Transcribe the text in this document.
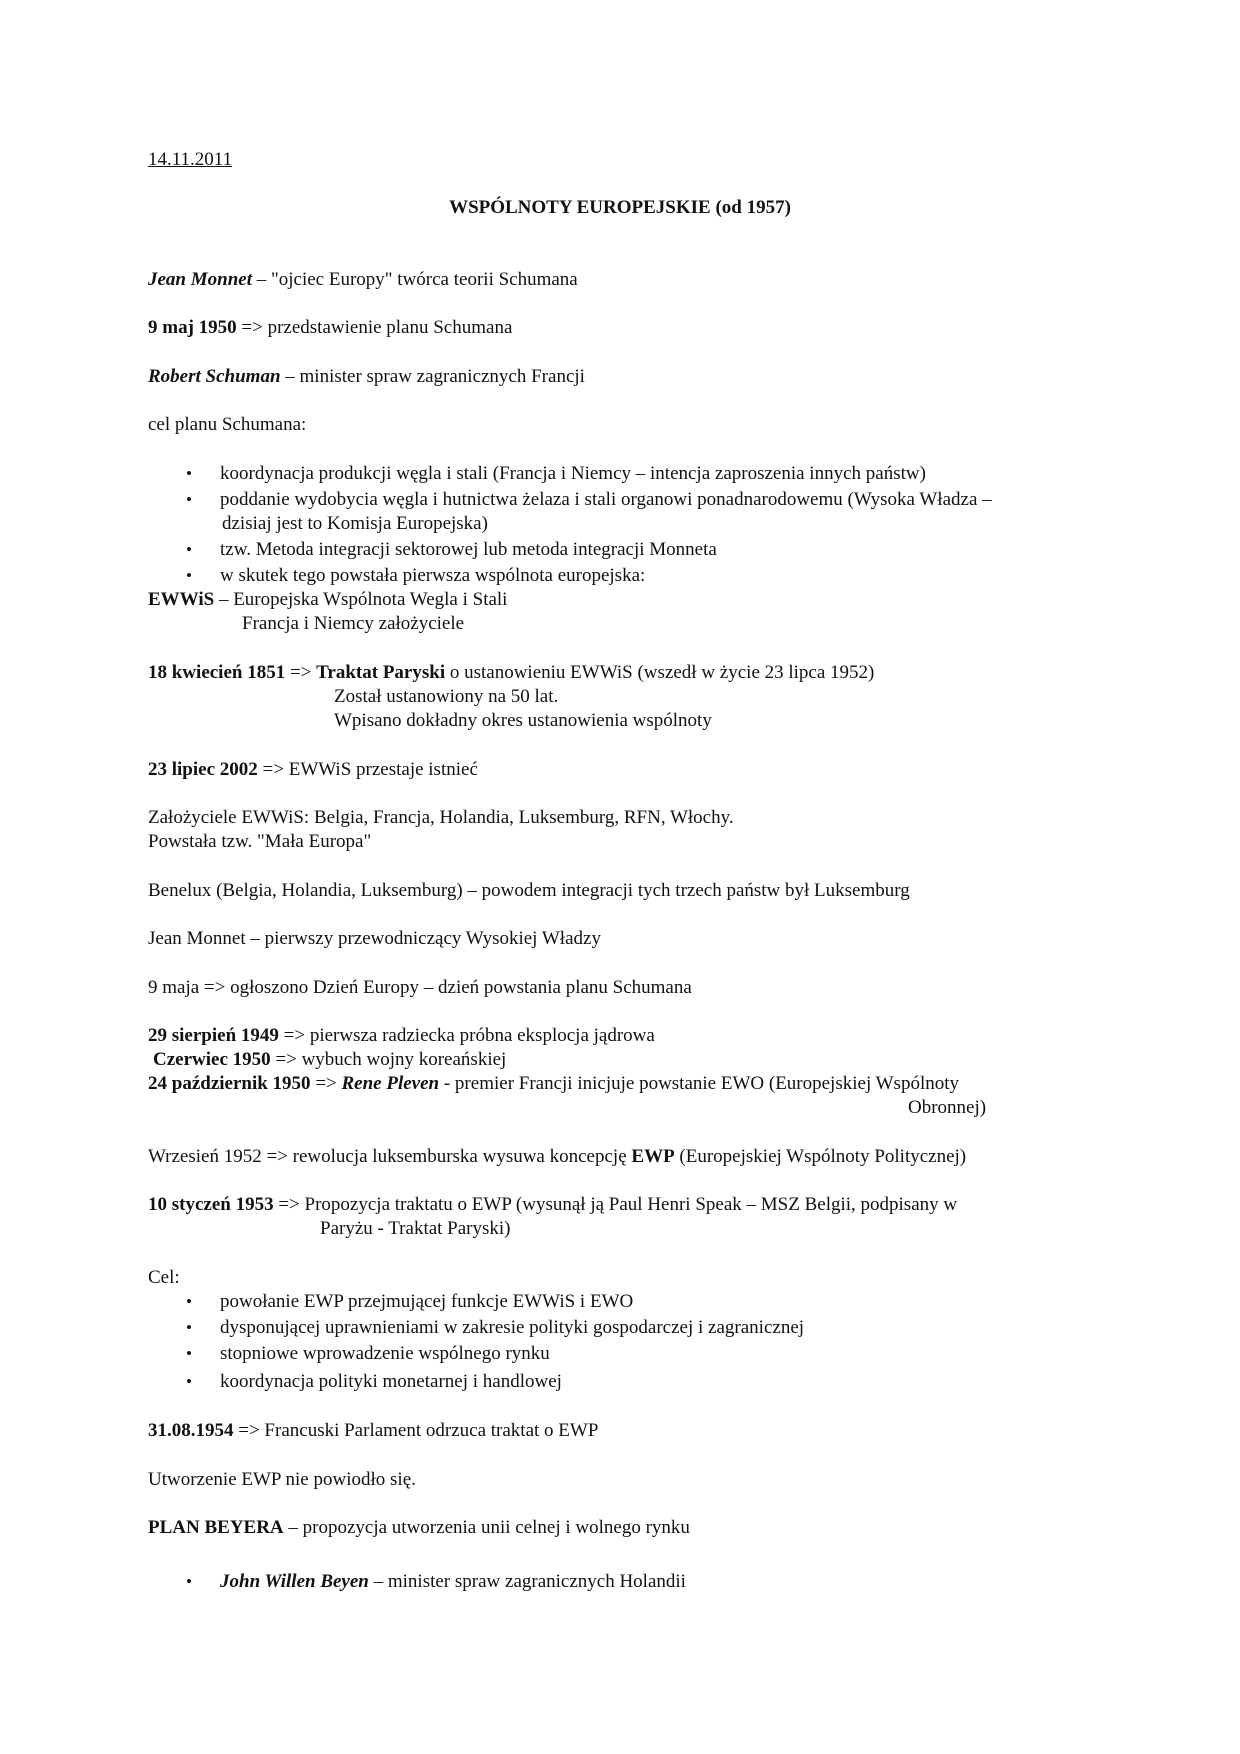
14.11.2011
WSPÓLNOTY EUROPEJSKIE (od 1957)
Jean Monnet – "ojciec Europy" twórca teorii Schumana
9 maj 1950 => przedstawienie planu Schumana
Robert Schuman – minister spraw zagranicznych Francji
cel planu Schumana:
• koordynacja produkcji węgla i stali (Francja i Niemcy – intencja zaproszenia innych państw)
• poddanie wydobycia węgla i hutnictwa żelaza i stali organowi ponadnarodowemu (Wysoka Władza –
dzisiaj jest to Komisja Europejska)
• tzw. Metoda integracji sektorowej lub metoda integracji Monneta
• w skutek tego powstała pierwsza wspólnota europejska:
EWWiS – Europejska Wspólnota Wegla i Stali
Francja i Niemcy założyciele
18 kwiecień 1851 => Traktat Paryski o ustanowieniu EWWiS (wszedł w życie 23 lipca 1952)
Został ustanowiony na 50 lat.
Wpisano dokładny okres ustanowienia wspólnoty
23 lipiec 2002 => EWWiS przestaje istnieć
Założyciele EWWiS: Belgia, Francja, Holandia, Luksemburg, RFN, Włochy.
Powstała tzw. "Mała Europa"
Benelux (Belgia, Holandia, Luksemburg) – powodem integracji tych trzech państw był Luksemburg
Jean Monnet – pierwszy przewodniczący Wysokiej Władzy
9 maja => ogłoszono Dzień Europy – dzień powstania planu Schumana
29 sierpień 1949 => pierwsza radziecka próbna eksplocja jądrowa
Czerwiec 1950 => wybuch wojny koreańskiej
24 październik 1950 => Rene Pleven - premier Francji inicjuje powstanie EWO (Europejskiej Wspólnoty
Obronnej)
Wrzesień 1952 => rewolucja luksemburska wysuwa koncepcję EWP (Europejskiej Wspólnoty Politycznej)
10 styczeń 1953 => Propozycja traktatu o EWP (wysunął ją Paul Henri Speak – MSZ Belgii, podpisany w
Paryżu - Traktat Paryski)
Cel:
• powołanie EWP przejmującej funkcje EWWiS i EWO
• dysponującej uprawnieniami w zakresie polityki gospodarczej i zagranicznej
• stopniowe wprowadzenie wspólnego rynku
• koordynacja polityki monetarnej i handlowej
31.08.1954 => Francuski Parlament odrzuca traktat o EWP
Utworzenie EWP nie powiodło się.
PLAN BEYERA – propozycja utworzenia unii celnej i wolnego rynku
• John Willen Beyen – minister spraw zagranicznych Holandii
